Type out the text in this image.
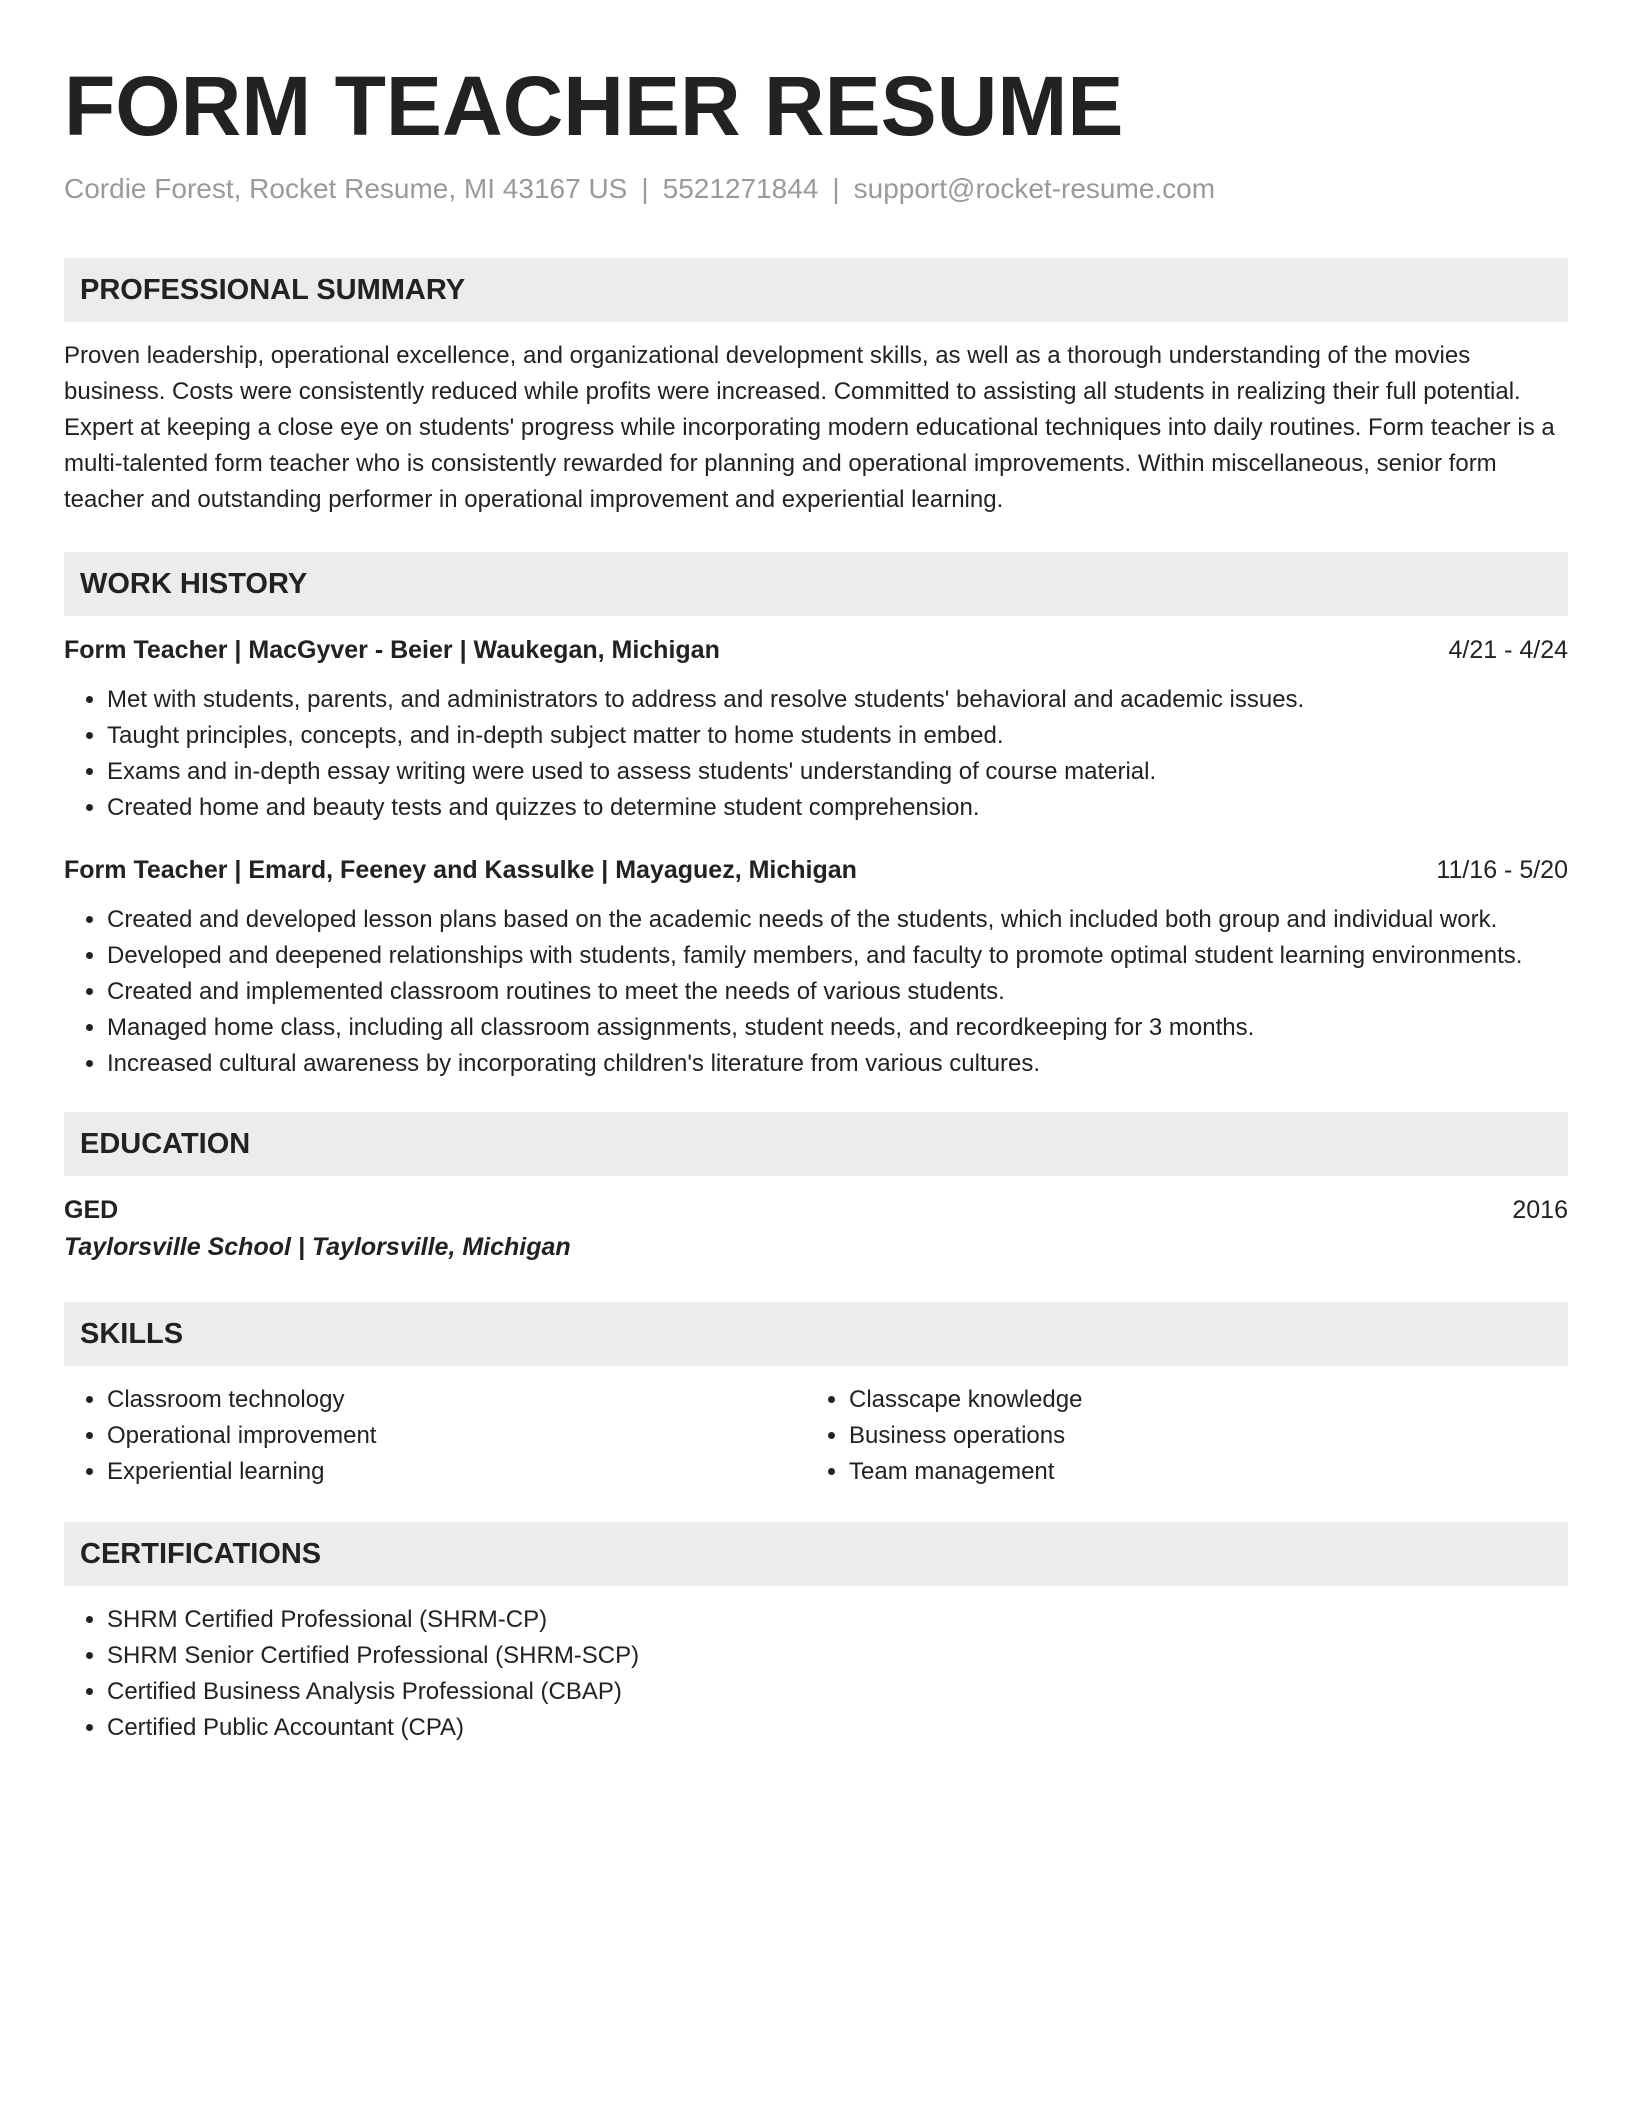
FORM TEACHER RESUME
Cordie Forest, Rocket Resume, MI 43167 US | 5521271844 | support@rocket-resume.com
PROFESSIONAL SUMMARY

Proven leadership, operational excellence, and organizational development skills, as well as a thorough understanding of the movies business. Costs were consistently reduced while profits were increased. Committed to assisting all students in realizing their full potential. Expert at keeping a close eye on students' progress while incorporating modern educational techniques into daily routines. Form teacher is a multi-talented form teacher who is consistently rewarded for planning and operational improvements. Within miscellaneous, senior form teacher and outstanding performer in operational improvement and experiential learning.

WORK HISTORY
Form Teacher | MacGyver - Beier | Waukegan, Michigan	4/21 - 4/24
• Met with students, parents, and administrators to address and resolve students' behavioral and academic issues.
• Taught principles, concepts, and in-depth subject matter to home students in embed.
• Exams and in-depth essay writing were used to assess students' understanding of course material.
• Created home and beauty tests and quizzes to determine student comprehension.
Form Teacher | Emard, Feeney and Kassulke | Mayaguez, Michigan	11/16 - 5/20
• Created and developed lesson plans based on the academic needs of the students, which included both group and individual work.
• Developed and deepened relationships with students, family members, and faculty to promote optimal student learning environments.
• Created and implemented classroom routines to meet the needs of various students.
• Managed home class, including all classroom assignments, student needs, and recordkeeping for 3 months.
• Increased cultural awareness by incorporating children's literature from various cultures.
EDUCATION
GED	2016
Taylorsville School | Taylorsville, Michigan
SKILLS
• Classroom technology
• Operational improvement
• Experiential learning
• Classcape knowledge
• Business operations
• Team management
CERTIFICATIONS
• SHRM Certified Professional (SHRM-CP)
• SHRM Senior Certified Professional (SHRM-SCP)
• Certified Business Analysis Professional (CBAP)
• Certified Public Accountant (CPA)
